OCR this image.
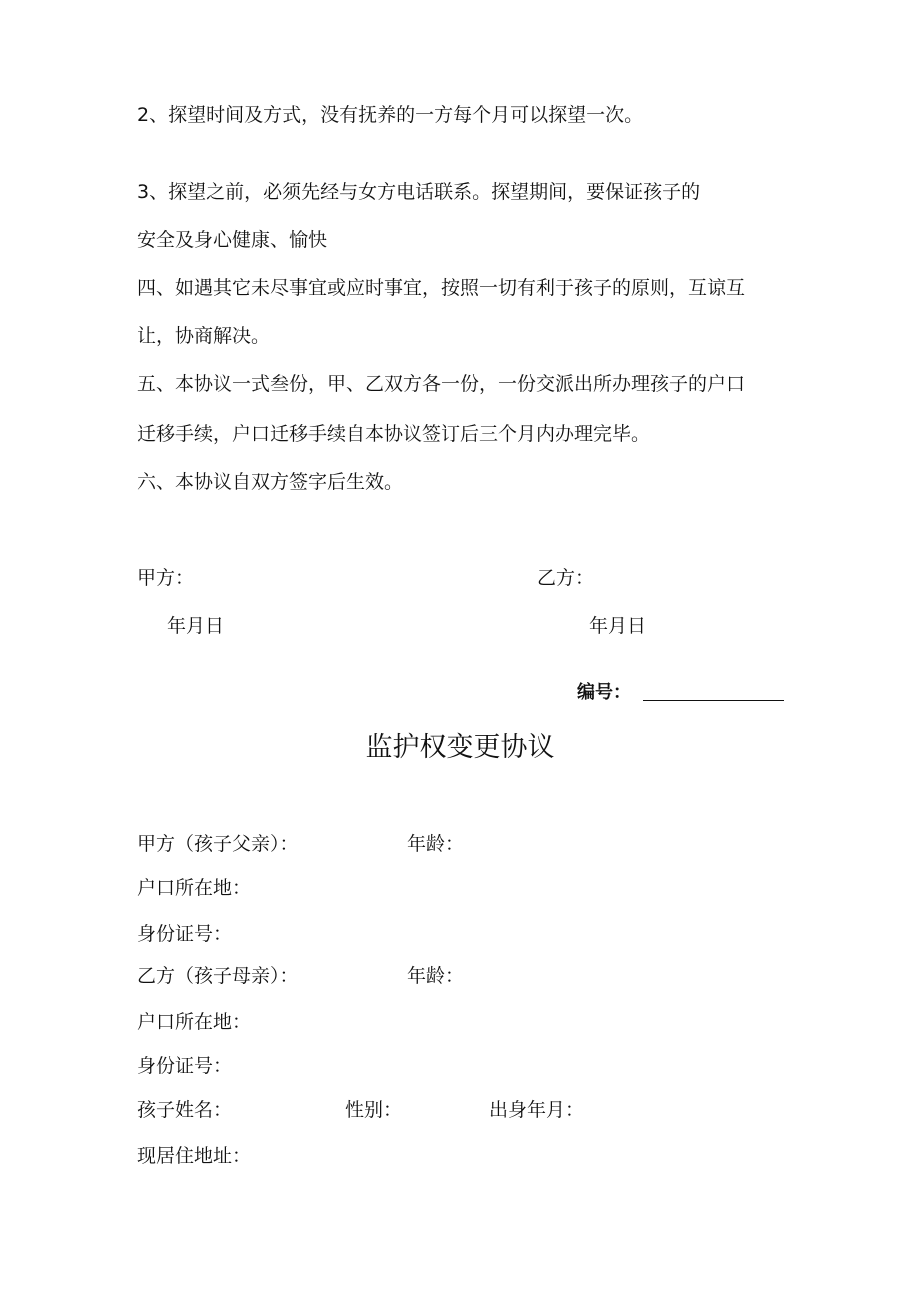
2、探望时间及方式，没有抚养的一方每个月可以探望一次。
3、探望之前，必须先经与女方电话联系。探望期间，要保证孩子的
安全及身心健康、愉快
四、如遇其它未尽事宜或应时事宜，按照一切有利于孩子的原则，互谅互
让，协商解决。
五、本协议一式叁份，甲、乙双方各一份，一份交派出所办理孩子的户口
迁移手续，户口迁移手续自本协议签订后三个月内办理完毕。
六、本协议自双方签字后生效。
甲方：	乙方：
年月日	年月日
编号：
监护权变更协议
甲方（孩子父亲）：	年龄：
户口所在地：
身份证号：
乙方（孩子母亲）：	年龄：
户口所在地：
身份证号：
孩子姓名：	性别：	出身年月：
现居住地址：
